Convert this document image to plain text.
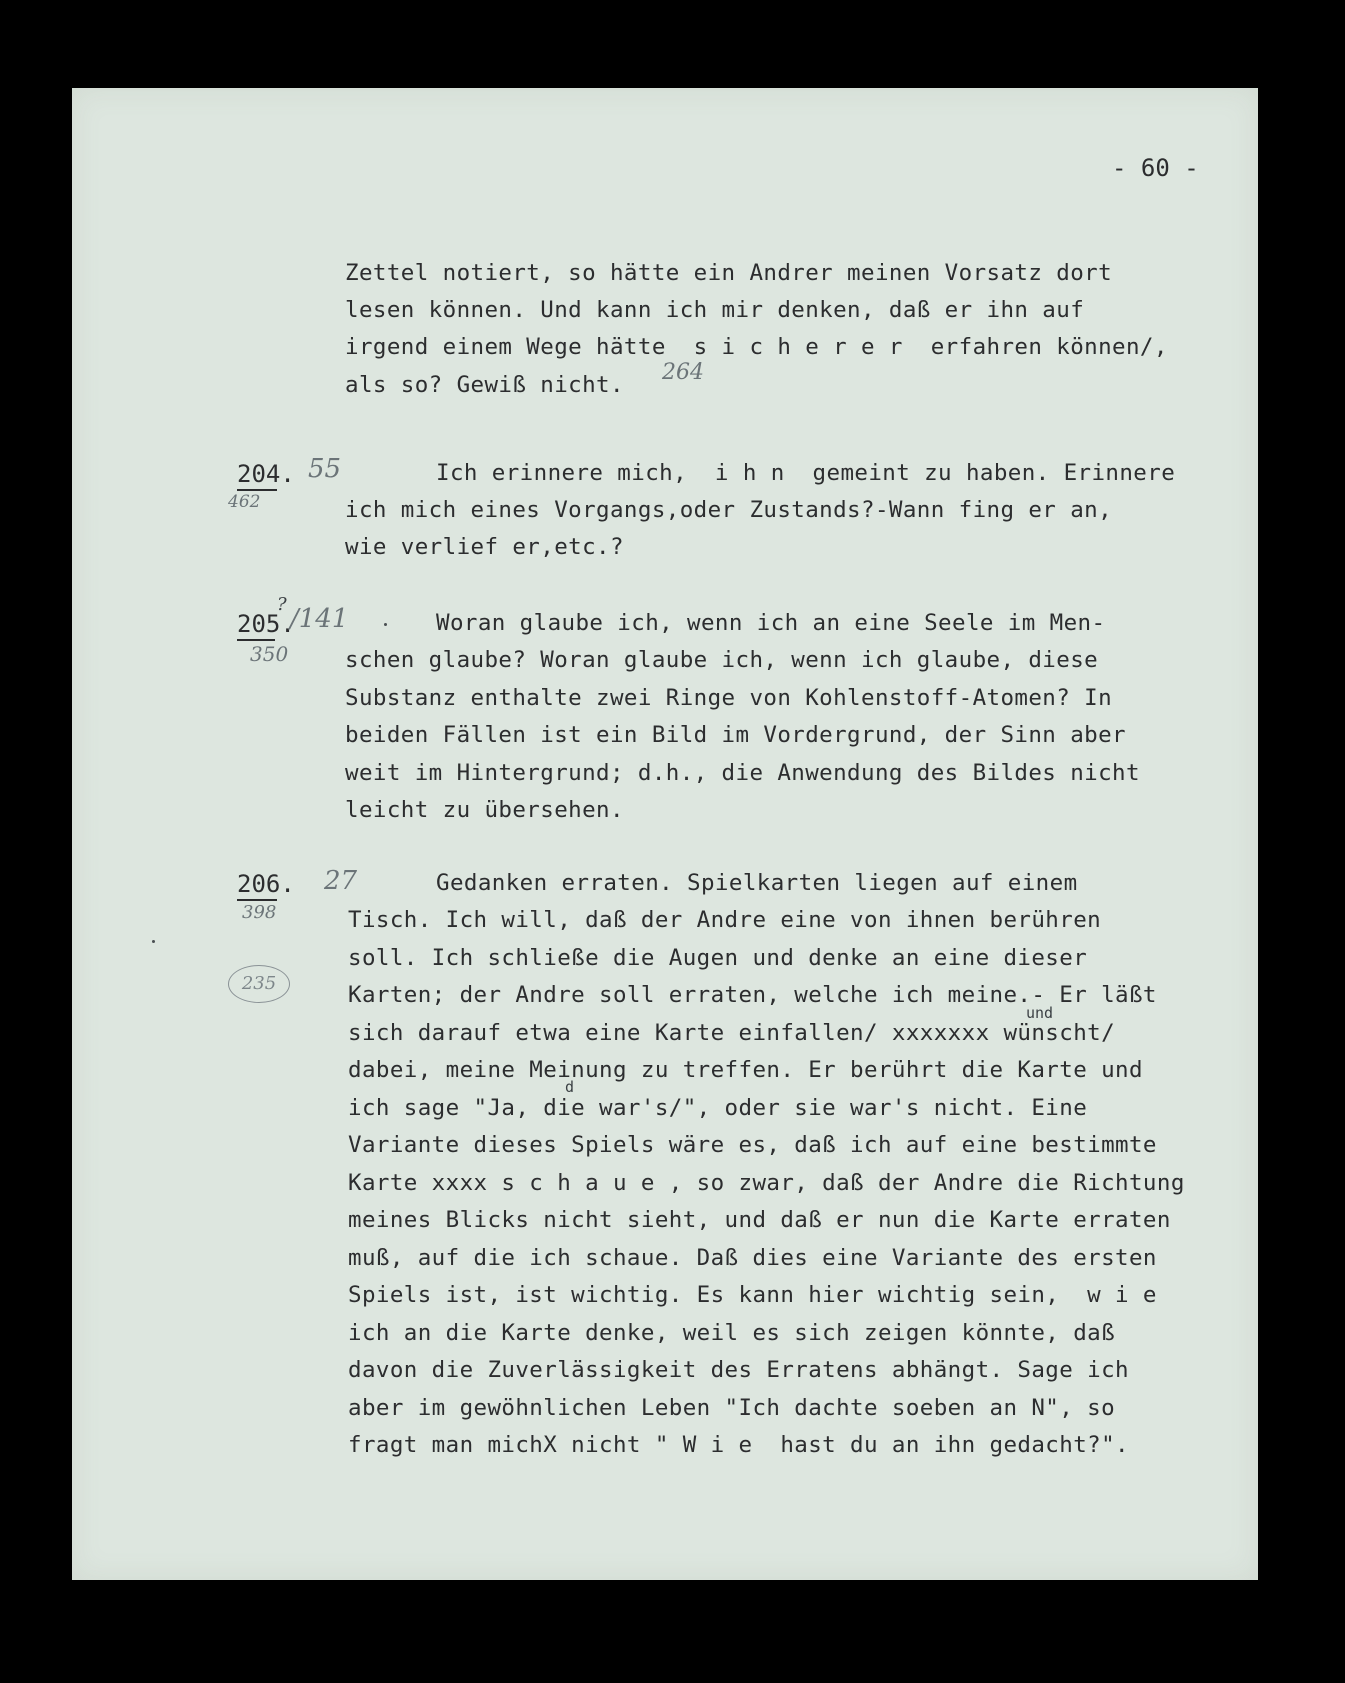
- 60 -
Zettel notiert, so hätte ein Andrer meinen Vorsatz dort
lesen können. Und kann ich mir denken, daß er ihn auf
irgend einem Wege hätte  s i c h e r e r  erfahren können/,
als so? Gewiß nicht. 264
204.
462
55	Ich erinnere mich,  i h n  gemeint zu haben. Erinnere
ich mich eines Vorgangs,oder Zustands?-Wann fing er an,
wie verlief er,etc.?
205.
?
350
/141	Woran glaube ich, wenn ich an eine Seele im Men-
schen glaube? Woran glaube ich, wenn ich glaube, diese
Substanz enthalte zwei Ringe von Kohlenstoff-Atomen? In
beiden Fällen ist ein Bild im Vordergrund, der Sinn aber
weit im Hintergrund; d.h., die Anwendung des Bildes nicht
leicht zu übersehen.
206.
398
27
235
Gedanken erraten. Spielkarten liegen auf einem
Tisch. Ich will, daß der Andre eine von ihnen berühren
soll. Ich schließe die Augen und denke an eine dieser
Karten; der Andre soll erraten, welche ich meine.- Er läßt
und
sich darauf etwa eine Karte einfallen/ xxxxxxx wünscht/
dabei, meine Meinung zu treffen. Er berührt die Karte und
d
ich sage "Ja, die war's/", oder sie war's nicht. Eine
Variante dieses Spiels wäre es, daß ich auf eine bestimmte
Karte xxxx s c h a u e , so zwar, daß der Andre die Richtung
meines Blicks nicht sieht, und daß er nun die Karte erraten
muß, auf die ich schaue. Daß dies eine Variante des ersten
Spiels ist, ist wichtig. Es kann hier wichtig sein,  w i e
ich an die Karte denke, weil es sich zeigen könnte, daß
davon die Zuverlässigkeit des Erratens abhängt. Sage ich
aber im gewöhnlichen Leben "Ich dachte soeben an N", so
fragt man michX nicht " W i e  hast du an ihn gedacht?".
